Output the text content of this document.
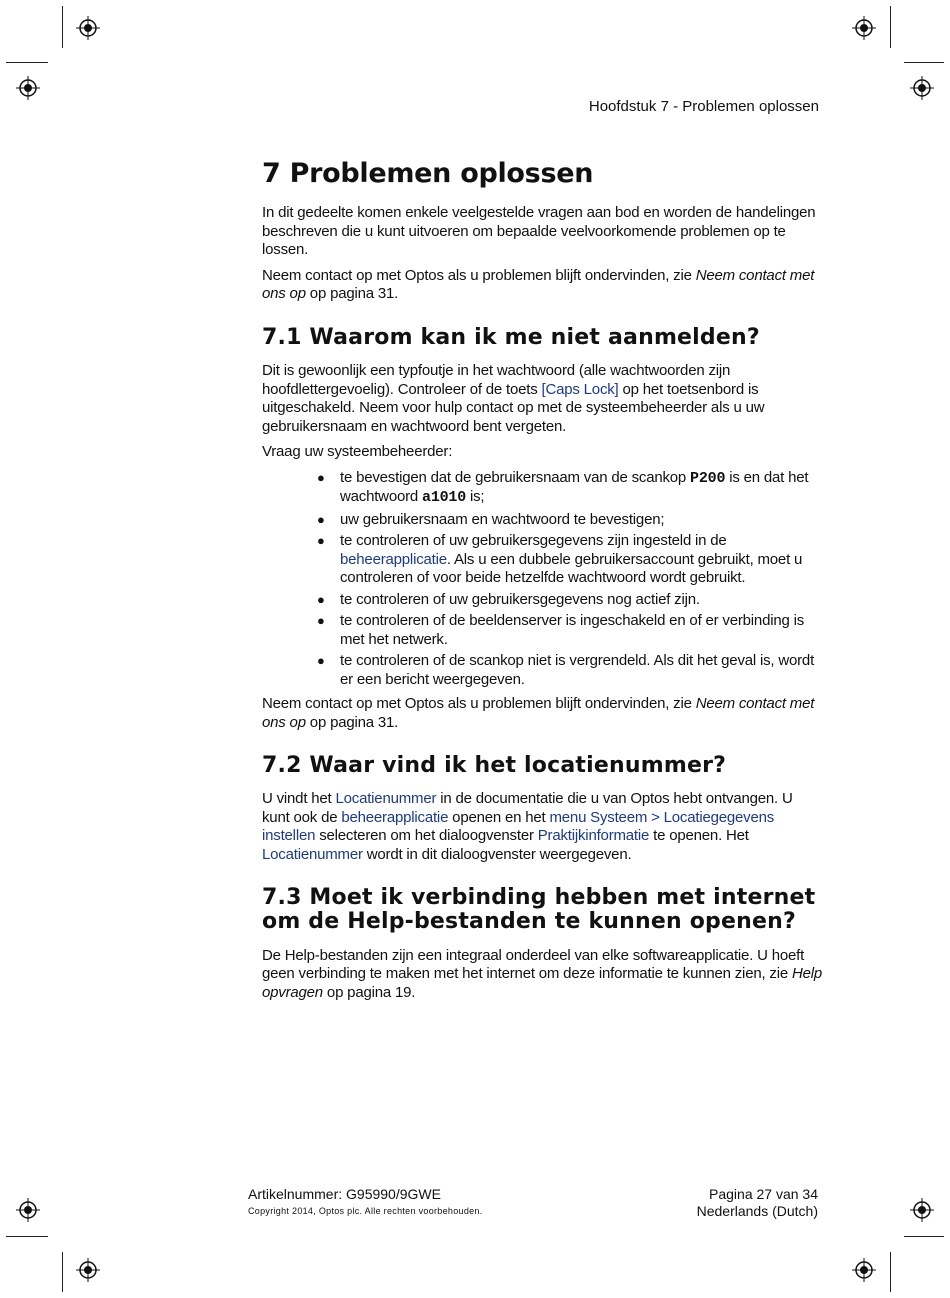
Hoofdstuk 7 - Problemen oplossen
7 Problemen oplossen

In dit gedeelte komen enkele veelgestelde vragen aan bod en worden de handelingen beschreven die u kunt uitvoeren om bepaalde veelvoorkomende problemen op te lossen.

Neem contact op met Optos als u problemen blijft ondervinden, zie Neem contact met ons op op pagina 31.

7.1 Waarom kan ik me niet aanmelden?

Dit is gewoonlijk een typfoutje in het wachtwoord (alle wachtwoorden zijn hoofdlettergevoelig). Controleer of de toets [Caps Lock] op het toetsenbord is uitgeschakeld. Neem voor hulp contact op met de systeembeheerder als u uw gebruikersnaam en wachtwoord bent vergeten.

Vraag uw systeembeheerder:

● te bevestigen dat de gebruikersnaam van de scankop P200 is en dat het wachtwoord a1010 is;
● uw gebruikersnaam en wachtwoord te bevestigen;
● te controleren of uw gebruikersgegevens zijn ingesteld in de beheerapplicatie. Als u een dubbele gebruikersaccount gebruikt, moet u controleren of voor beide hetzelfde wachtwoord wordt gebruikt.
● te controleren of uw gebruikersgegevens nog actief zijn.
● te controleren of de beeldenserver is ingeschakeld en of er verbinding is met het netwerk.
● te controleren of de scankop niet is vergrendeld. Als dit het geval is, wordt er een bericht weergegeven.

Neem contact op met Optos als u problemen blijft ondervinden, zie Neem contact met ons op op pagina 31.

7.2 Waar vind ik het locatienummer?

U vindt het Locatienummer in de documentatie die u van Optos hebt ontvangen. U kunt ook de beheerapplicatie openen en het menu Systeem > Locatiegegevens instellen selecteren om het dialoogvenster Praktijkinformatie te openen. Het Locatienummer wordt in dit dialoogvenster weergegeven.

7.3 Moet ik verbinding hebben met internet om de Help-bestanden te kunnen openen?

De Help-bestanden zijn een integraal onderdeel van elke softwareapplicatie. U hoeft geen verbinding te maken met het internet om deze informatie te kunnen zien, zie Help opvragen op pagina 19.

Artikelnummer: G95990/9GWE
Copyright 2014, Optos plc. Alle rechten voorbehouden.
Pagina 27 van 34
Nederlands (Dutch)
